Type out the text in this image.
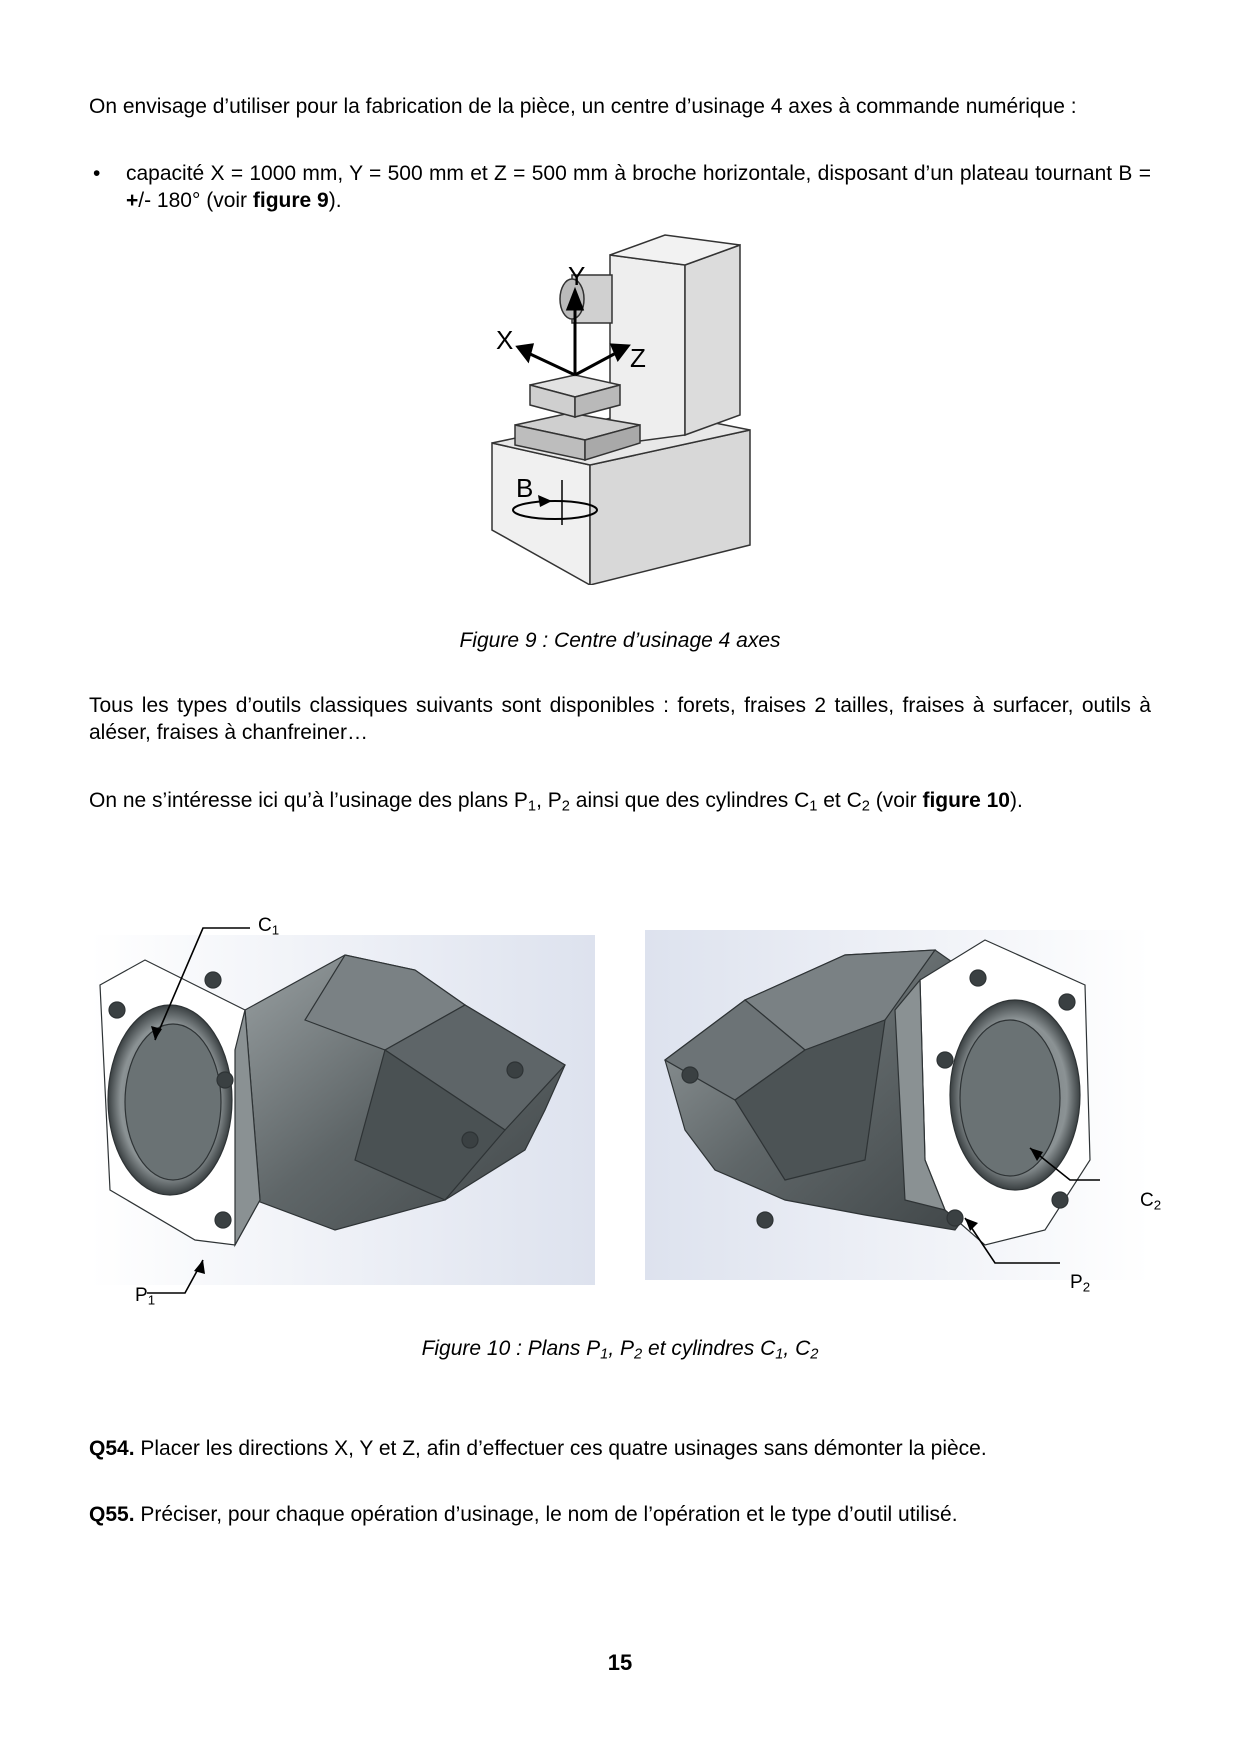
On envisage d’utiliser pour la fabrication de la pièce, un centre d’usinage 4 axes à commande numérique :
• capacité X = 1000 mm, Y = 500 mm et Z = 500 mm à broche horizontale, disposant d’un plateau tournant B = +/- 180° (voir figure 9).
Y
X
Z
B
Figure 9 : Centre d’usinage 4 axes
Tous les types d’outils classiques suivants sont disponibles : forets, fraises 2 tailles, fraises à surfacer, outils à aléser, fraises à chanfreiner…
On ne s’intéresse ici qu’à l’usinage des plans $P_1$, $P_2$ ainsi que des cylindres $C_1$ et $C_2$ (voir figure 10).
$C_1$
$P_1$
$C_2$
$P_2$
Figure 10 : Plans $P_1$, $P_2$ et cylindres $C_1$, $C_2$
Q54. Placer les directions X, Y et Z, afin d’effectuer ces quatre usinages sans démonter la pièce.
Q55. Préciser, pour chaque opération d’usinage, le nom de l’opération et le type d’outil utilisé.
15
